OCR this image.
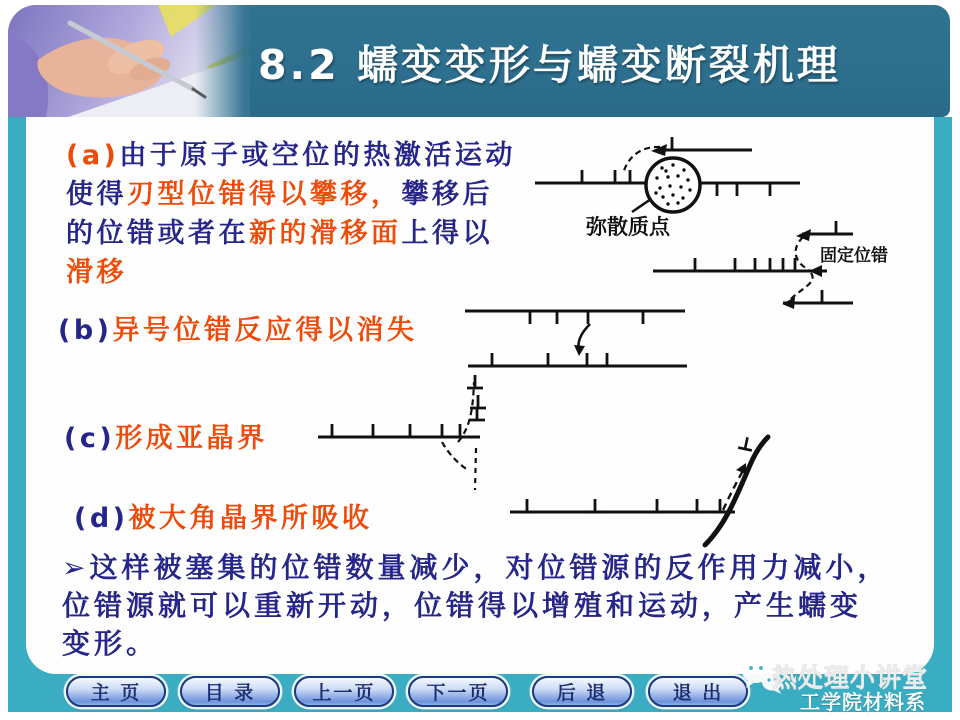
8.2 蠕变变形与蠕变断裂机理
(a)由于原子或空位的热激活运动
使得刃型位错得以攀移，攀移后
的位错或者在新的滑移面上得以
滑移
(b)异号位错反应得以消失
(c)形成亚晶界
(d)被大角晶界所吸收
➢这样被塞集的位错数量减少，对位错源的反作用力减小，
位错源就可以重新开动，位错得以增殖和运动，产生蠕变
变形。
弥散质点
固定位错
主 页	目 录	上一页	下一页	后 退	退 出
热处理小讲堂
工学院材料系
